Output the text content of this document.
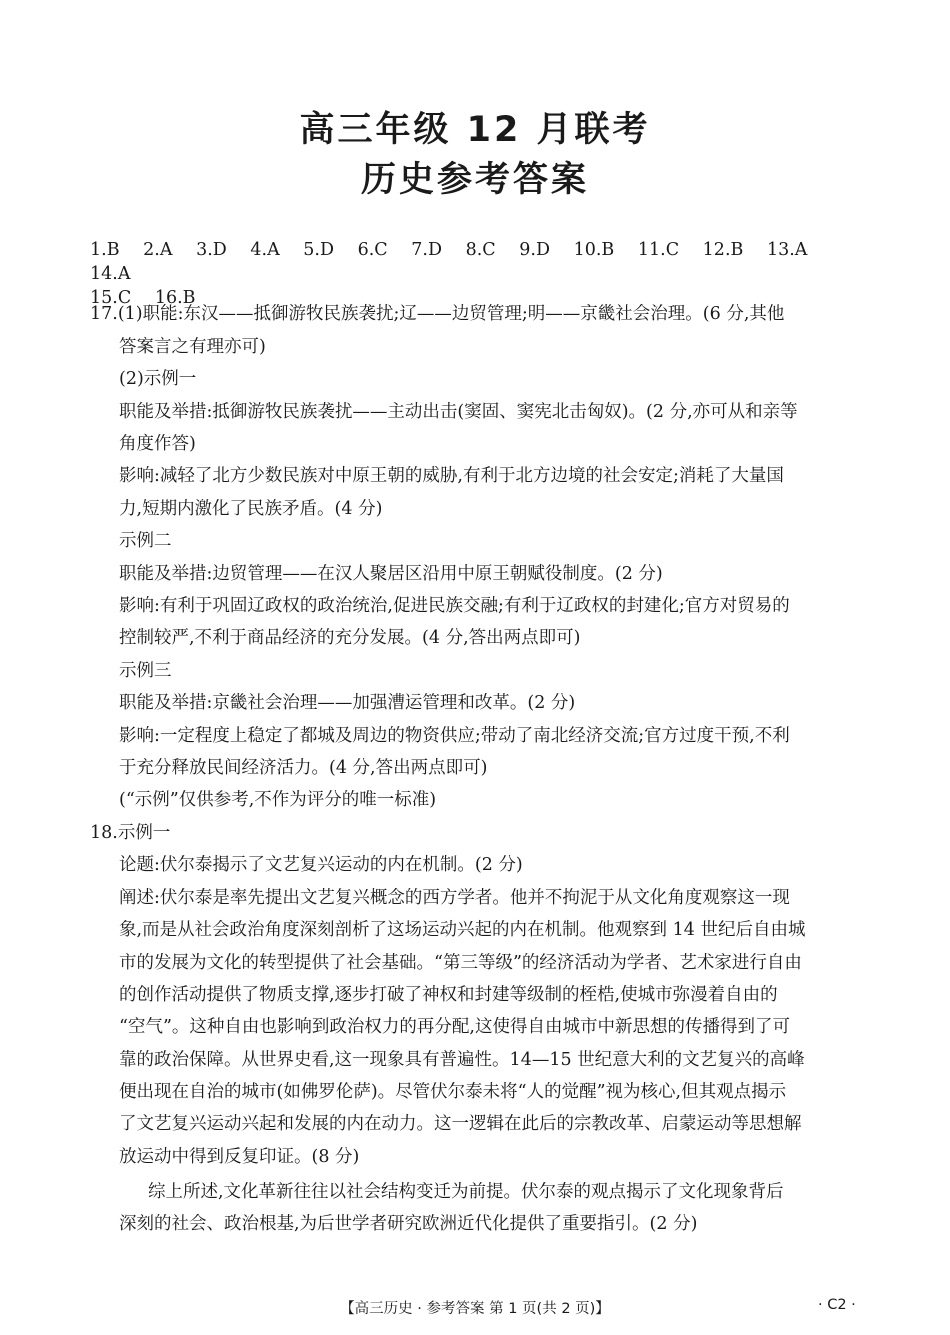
高三年级 12 月联考
历史参考答案
1.B 2.A 3.D 4.A 5.D 6.C 7.D 8.C 9.D 10.B 11.C 12.B 13.A 14.A
15.C 16.B
17.(1)职能:东汉——抵御游牧民族袭扰;辽——边贸管理;明——京畿社会治理。(6 分,其他
答案言之有理亦可)
(2)示例一
职能及举措:抵御游牧民族袭扰——主动出击(窦固、窦宪北击匈奴)。(2 分,亦可从和亲等
角度作答)
影响:减轻了北方少数民族对中原王朝的威胁,有利于北方边境的社会安定;消耗了大量国
力,短期内激化了民族矛盾。(4 分)
示例二
职能及举措:边贸管理——在汉人聚居区沿用中原王朝赋役制度。(2 分)
影响:有利于巩固辽政权的政治统治,促进民族交融;有利于辽政权的封建化;官方对贸易的
控制较严,不利于商品经济的充分发展。(4 分,答出两点即可)
示例三
职能及举措:京畿社会治理——加强漕运管理和改革。(2 分)
影响:一定程度上稳定了都城及周边的物资供应;带动了南北经济交流;官方过度干预,不利
于充分释放民间经济活力。(4 分,答出两点即可)
(“示例”仅供参考,不作为评分的唯一标准)
18.示例一
论题:伏尔泰揭示了文艺复兴运动的内在机制。(2 分)
阐述:伏尔泰是率先提出文艺复兴概念的西方学者。他并不拘泥于从文化角度观察这一现
象,而是从社会政治角度深刻剖析了这场运动兴起的内在机制。他观察到 14 世纪后自由城
市的发展为文化的转型提供了社会基础。“第三等级”的经济活动为学者、艺术家进行自由
的创作活动提供了物质支撑,逐步打破了神权和封建等级制的桎梏,使城市弥漫着自由的
“空气”。这种自由也影响到政治权力的再分配,这使得自由城市中新思想的传播得到了可
靠的政治保障。从世界史看,这一现象具有普遍性。14—15 世纪意大利的文艺复兴的高峰
便出现在自治的城市(如佛罗伦萨)。尽管伏尔泰未将“人的觉醒”视为核心,但其观点揭示
了文艺复兴运动兴起和发展的内在动力。这一逻辑在此后的宗教改革、启蒙运动等思想解
放运动中得到反复印证。(8 分)
综上所述,文化革新往往以社会结构变迁为前提。伏尔泰的观点揭示了文化现象背后
深刻的社会、政治根基,为后世学者研究欧洲近代化提供了重要指引。(2 分)
【高三历史 · 参考答案 第 1 页(共 2 页)】	· C2 ·
